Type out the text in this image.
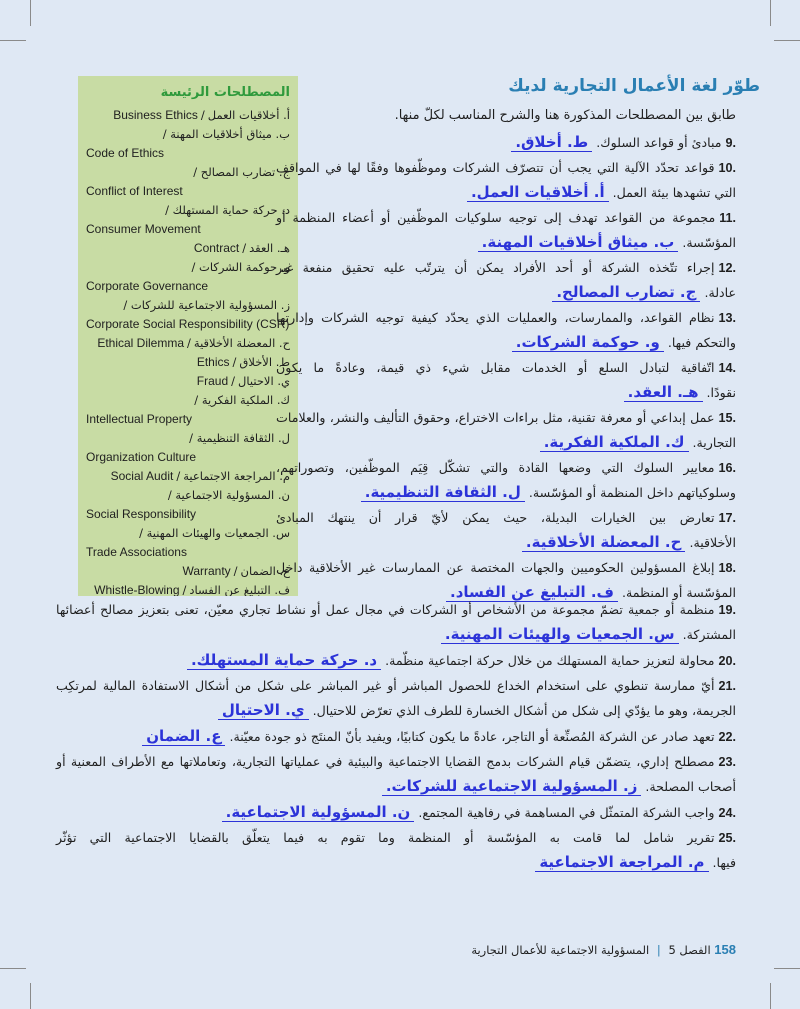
طوّر لغة الأعمال التجارية لديك
طابق بين المصطلحات المذكورة هنا والشرح المناسب لكلّ منها.
المصطلحات الرئيسة
أ. أخلاقيات العمل/Business Ethics
ب. ميثاق أخلاقيات المهنة /
Code of Ethics
ج. تضارب المصالح /
Conflict of Interest
د. حركة حماية المستهلك /
Consumer Movement
هـ. العقد/Contract
و. حوكمة الشركات /
Corporate Governance
ز. المسؤولية الاجتماعية للشركات /
Corporate Social Responsibility (CSR)
ح. المعضلة الأخلاقية/Ethical Dilemma
ط. الأخلاق/Ethics
ي. الاحتيال/Fraud
ك. الملكية الفكرية /
Intellectual Property
ل. الثقافة التنظيمية /
Organization Culture
م. المراجعة الاجتماعية/Social Audit
ن. المسؤولية الاجتماعية /
Social Responsibility
س. الجمعيات والهيئات المهنية /
Trade Associations
ع. الضمان/Warranty
ف. التبليغ عن الفساد/Whistle-Blowing
9.مبادئ أو قواعد السلوك.ط. أخلاق.
10.قواعد تحدّد الآلية التي يجب أن تتصرّف الشركات وموظّفوها وفقًا لها في المواقف التي تشهدها بيئة العمل.أ. أخلاقيات العمل.
11.مجموعة من القواعد تهدف إلى توجيه سلوكيات الموظّفين أو أعضاء المنظمة أو المؤسّسة.ب. ميثاق أخلاقيات المهنة.
12.إجراء تتّخذه الشركة أو أحد الأفراد يمكن أن يترتّب عليه تحقيق منفعة غير عادلة.ج. تضارب المصالح.
13.نظام القواعد، والممارسات، والعمليات الذي يحدّد كيفية توجيه الشركات وإدارتها والتحكم فيها.و. حوكمة الشركات.
14.اتّفاقية لتبادل السلع أو الخدمات مقابل شيء ذي قيمة، وعادةً ما يكون نقودًا.هـ. العقد.
15.عمل إبداعي أو معرفة تقنية، مثل براءات الاختراع، وحقوق التأليف والنشر، والعلامات التجارية.ك. الملكية الفكرية.
16.معايير السلوك التي وضعها القادة والتي تشكّل قِيَم الموظّفين، وتصوراتهم، وسلوكياتهم داخل المنظمة أو المؤسّسة.ل. الثقافة التنظيمية.
17.تعارض بين الخيارات البديلة، حيث يمكن لأيّ قرار أن ينتهك المبادئ الأخلاقية.ح. المعضلة الأخلاقية.
18.إبلاغ المسؤولين الحكوميين والجهات المختصة عن الممارسات غير الأخلاقية داخل المؤسّسة أو المنظمة.ف. التبليغ عن الفساد.
19.منظمة أو جمعية تضمّ مجموعة من الأشخاص أو الشركات في مجال عمل أو نشاط تجاري معيّن، تعنى بتعزيز مصالح أعضائها المشتركة.س. الجمعيات والهيئات المهنية.
20.محاولة لتعزيز حماية المستهلك من خلال حركة اجتماعية منظّمة.د. حركة حماية المستهلك.
21.أيّ ممارسة تنطوي على استخدام الخداع للحصول المباشر أو غير المباشر على شكل من أشكال الاستفادة المالية لمرتكِب الجريمة، وهو ما يؤدّي إلى شكل من أشكال الخسارة للطرف الذي تعرّض للاحتيال.ي. الاحتيال
22.تعهد صادر عن الشركة المُصنِّعة أو التاجر، عادةً ما يكون كتابيًا، ويفيد بأنّ المنتَج ذو جودة معيّنة.ع. الضمان
23.مصطلح إداري، يتضمّن قيام الشركات بدمج القضايا الاجتماعية والبيئية في عملياتها التجارية، وتعاملاتها مع الأطراف المعنية أو أصحاب المصلحة.ز. المسؤولية الاجتماعية للشركات.
24.واجب الشركة المتمثّل في المساهمة في رفاهية المجتمع.ن. المسؤولية الاجتماعية.
25.تقرير شامل لما قامت به المؤسّسة أو المنظمة وما تقوم به فيما يتعلّق بالقضايا الاجتماعية التي تؤثّر فيها.م. المراجعة الاجتماعية
158 الفصل 5 | المسؤولية الاجتماعية للأعمال التجارية
